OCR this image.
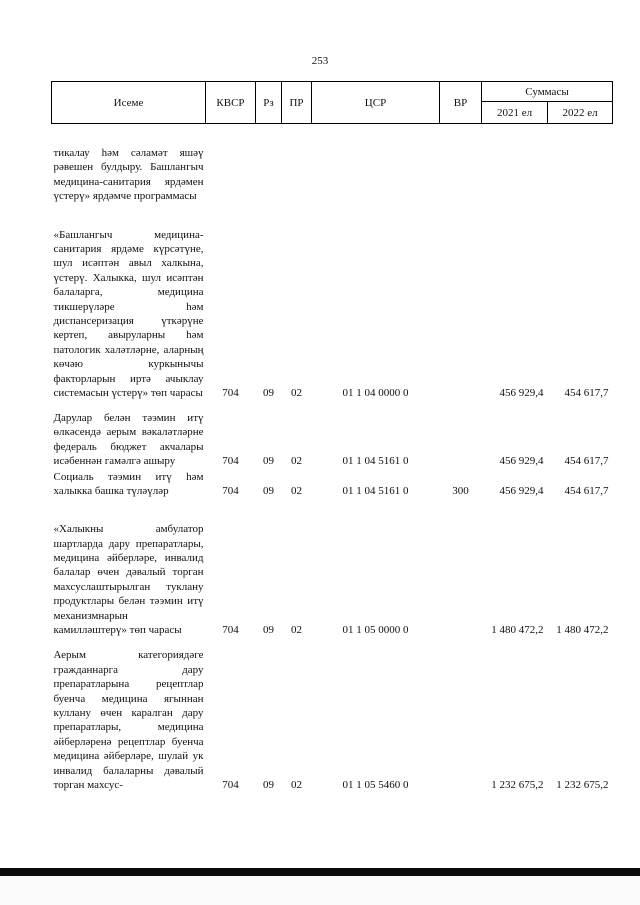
253
Исеме	КВСР	Рз	ПР	ЦСР	ВР	Суммасы	
						2021 ел	2022 ел
тикалау һәм сәламәт яшәү рәвешен булдыру. Башлангыч медицина-санитария ярдәмен үстерү» ярдәмче программасы							
«Башлангыч медицина-санитария ярдәме күрсәтүне, шул исәптән авыл халкына, үстерү. Халыкка, шул исәптән балаларга, медицина тикшерүләре һәм диспансеризация үткәрүне кертеп, авыруларны һәм патологик халәтләрне, аларның көчәю куркынычы факторларын иртә ачыклау системасын үстерү» төп чарасы	704	09	02	01 1 04 0000 0		456 929,4	454 617,7
Дарулар белән тәэмин итү өлкәсендә аерым вәкаләтләрне федераль бюджет акчалары исәбеннән гамәлгә ашыру	704	09	02	01 1 04 5161 0		456 929,4	454 617,7
Социаль тәэмин итү һәм халыкка башка түләүләр	704	09	02	01 1 04 5161 0	300	456 929,4	454 617,7
«Халыкны амбулатор шартларда дару препаратлары, медицина әйберләре, инвалид балалар өчен дәвалый торган махсуслаштырылган туклану продуктлары белән тәэмин итү механизмнарын камилләштерү» төп чарасы	704	09	02	01 1 05 0000 0		1 480 472,2	1 480 472,2
Аерым категориядәге гражданнарга дару препаратларына рецептлар буенча медицина ягыннан куллану өчен каралган дару препаратлары, медицина әйберләренә рецептлар буенча медицина әйберләре, шулай ук инвалид балаларны дәвалый торган махсус-	704	09	02	01 1 05 5460 0		1 232 675,2	1 232 675,2
